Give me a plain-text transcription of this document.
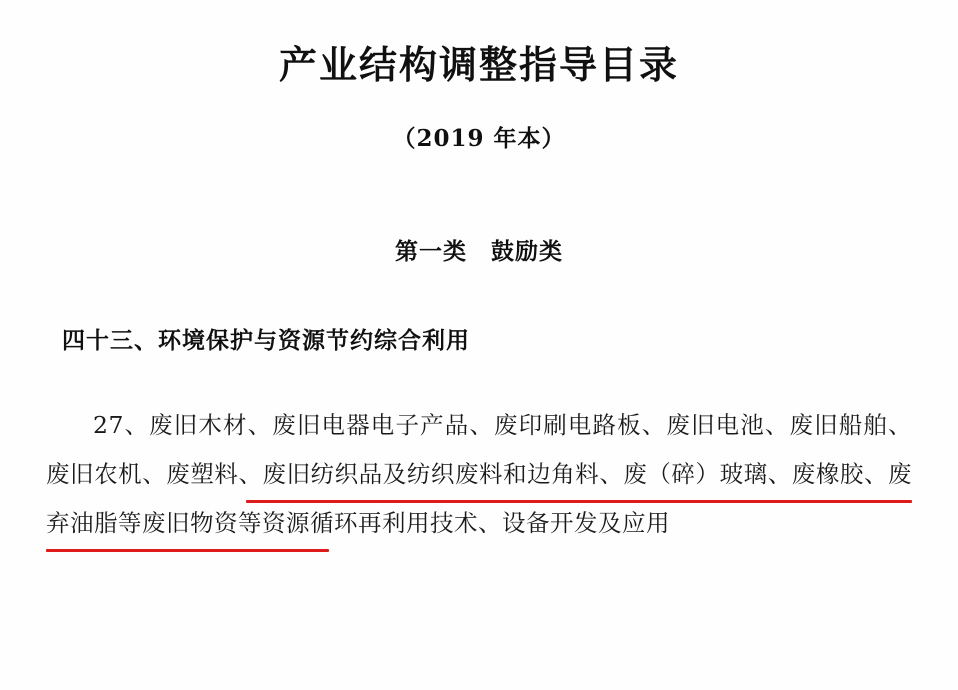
产业结构调整指导目录
（2019 年本）
第一类 鼓励类
四十三、环境保护与资源节约综合利用

27、废旧木材、废旧电器电子产品、废印刷电路板、废旧电池、废旧船舶、废旧农机、废塑料、废旧纺织品及纺织废料和边角料、废（碎）玻璃、废橡胶、废弃油脂等废旧物资等资源循环再利用技术、设备开发及应用
